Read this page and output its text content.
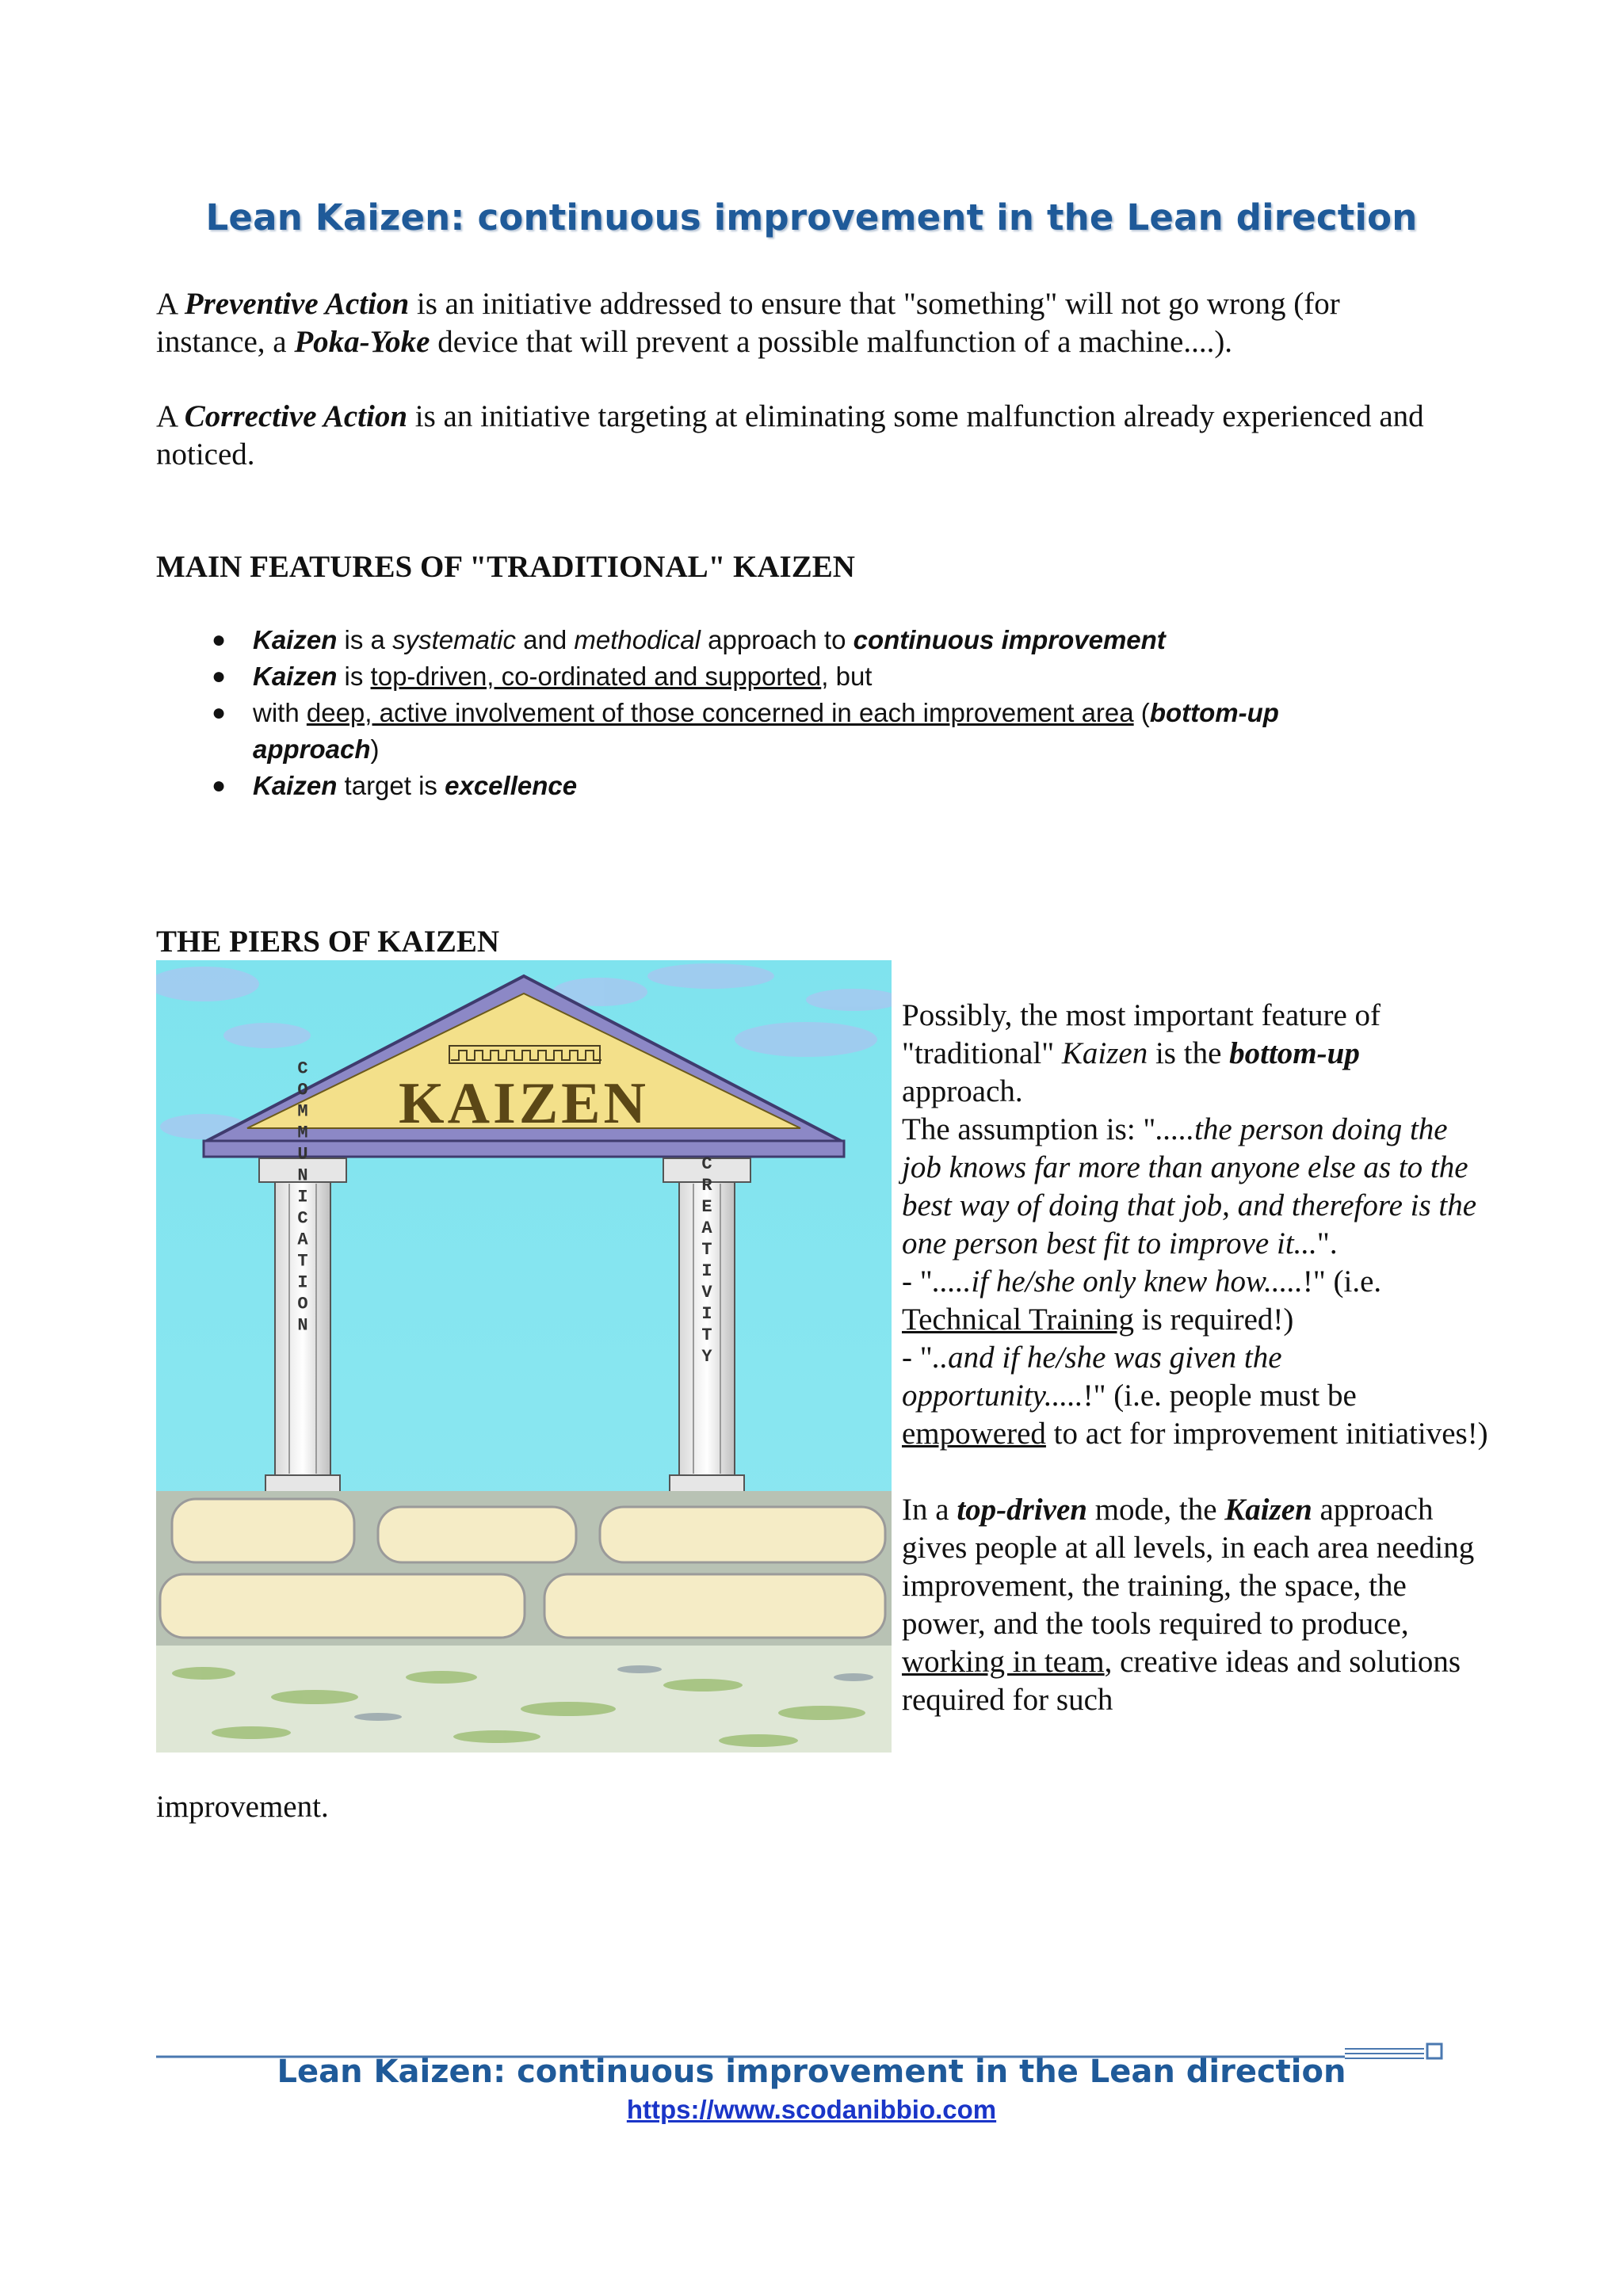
Lean Kaizen: continuous improvement in the Lean direction
A Preventive Action is an initiative addressed to ensure that "something" will not go wrong (for instance, a Poka-Yoke device that will prevent a possible malfunction of a machine....).
A Corrective Action is an initiative targeting at eliminating some malfunction already experienced and noticed.
MAIN FEATURES OF "TRADITIONAL" KAIZEN
● Kaizen is a systematic and methodical approach to continuous improvement
● Kaizen is top-driven, co-ordinated and supported, but
● with deep, active involvement of those concerned in each improvement area (bottom-up approach)
● Kaizen target is excellence
THE PIERS OF KAIZEN
KAIZEN
COMMUNICATION	CREATIVITY
Possibly, the most important feature of "traditional" Kaizen is the bottom-up approach.
The assumption is: ".....the person doing the job knows far more than anyone else as to the best way of doing that job, and therefore is the one person best fit to improve it...".
- ".....if he/she only knew how.....!" (i.e. Technical Training is required!)
- "..and if he/she was given the opportunity.....!" (i.e. people must be empowered to act for improvement initiatives!)
In a top-driven mode, the Kaizen approach gives people at all levels, in each area needing improvement, the training, the space, the power, and the tools required to produce, working in team, creative ideas and solutions required for such
improvement.
Lean Kaizen: continuous improvement in the Lean direction
https://www.scodanibbio.com
